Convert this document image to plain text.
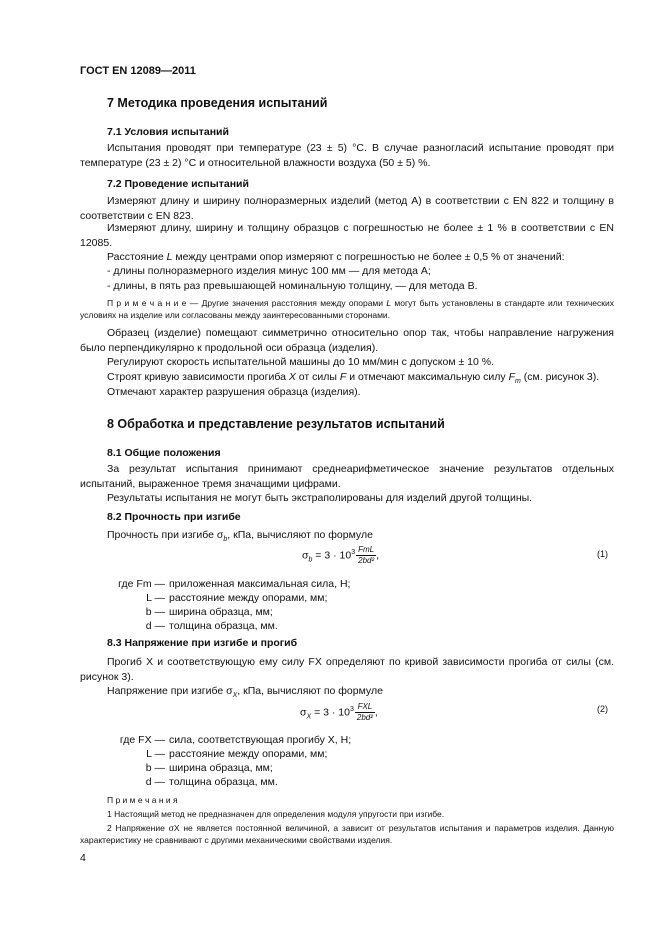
ГОСТ EN 12089—2011
7 Методика проведения испытаний
7.1 Условия испытаний
Испытания проводят при температуре (23 ± 5) °С. В случае разногласий испытание проводят при температуре (23 ± 2) °С и относительной влажности воздуха (50 ± 5) %.
7.2 Проведение испытаний
Измеряют длину и ширину полноразмерных изделий (метод А) в соответствии с EN 822 и толщину в соответствии с EN 823.
Измеряют длину, ширину и толщину образцов с погрешностью не более ± 1 % в соответствии с EN 12085.
Расстояние L между центрами опор измеряют с погрешностью не более ± 0,5 % от значений:
- длины полноразмерного изделия минус 100 мм — для метода А;
- длины, в пять раз превышающей номинальную толщину, — для метода В.
П р и м е ч а н и е — Другие значения расстояния между опорами L могут быть установлены в стандарте или технических условиях на изделие или согласованы между заинтересованными сторонами.
Образец (изделие) помещают симметрично относительно опор так, чтобы направление нагружения было перпендикулярно к продольной оси образца (изделия).
Регулируют скорость испытательной машины до 10 мм/мин с допуском ± 10 %.
Строят кривую зависимости прогиба X от силы F и отмечают максимальную силу $F_m$ (см. рисунок 3).
Отмечают характер разрушения образца (изделия).
8 Обработка и представление результатов испытаний
8.1 Общие положения
За результат испытания принимают среднеарифметическое значение результатов отдельных испытаний, выраженное тремя значащими цифрами.
Результаты испытания не могут быть экстраполированы для изделий другой толщины.
8.2 Прочность при изгибе
Прочность при изгибе $\sigma_b$, кПа, вычисляют по формуле
$\sigma_b = 3 \cdot 10^3 \frac{\text{FmL}}{\text{2bd²}}$ ,	(1)
где Fm — приложенная максимальная сила, Н;
L — расстояние между опорами, мм;
b — ширина образца, мм;
d — толщина образца, мм.
8.3 Напряжение при изгибе и прогиб
Прогиб X и соответствующую ему силу FX определяют по кривой зависимости прогиба от силы (см. рисунок 3).
Напряжение при изгибе $\sigma_X$, кПа, вычисляют по формуле
$\sigma_X = 3 \cdot 10^3 \frac{\text{FXL}}{\text{2bd²}}$ ,	(2)
где FX — сила, соответствующая прогибу X, Н;
L — расстояние между опорами, мм;
b — ширина образца, мм;
d — толщина образца, мм.
П р и м е ч а н и я
1 Настоящий метод не предназначен для определения модуля упругости при изгибе.
2 Напряжение σX не является постоянной величиной, а зависит от результатов испытания и параметров изделия. Данную характеристику не сравнивают с другими механическими свойствами изделия.
4
